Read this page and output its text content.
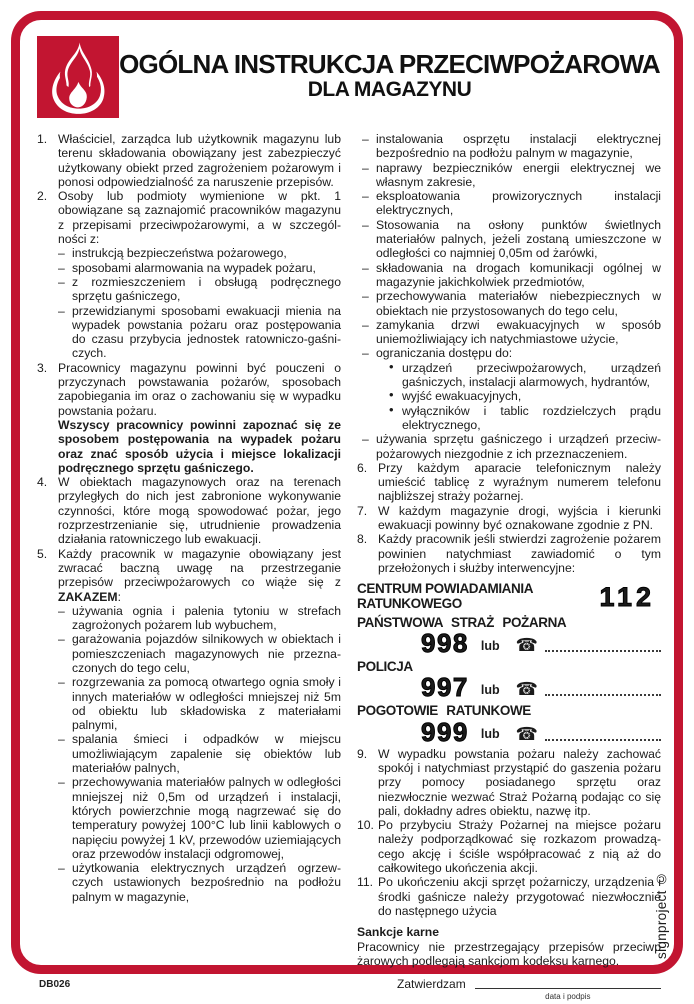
OGÓLNA INSTRUKCJA PRZECIWPOŻAROWA
DLA MAGAZYNU
1. Właściciel, zarządca lub użytkownik magazynu lub terenu składowania obowiązany jest zabezpieczyć użytkowany obiekt przed zagrożeniem pożarowym i ponosi odpowiedzialność za naruszenie przepisów.
2. Osoby lub podmioty wymienione w pkt. 1 obowiązane są zaznajomić pracowników magazynu z przepisami przeciwpożarowymi, a w szczególności z:
– instrukcją bezpieczeństwa pożarowego,
– sposobami alarmowania na wypadek pożaru,
– z rozmieszczeniem i obsługą podręcznego sprzętu gaśniczego,
– przewidzianymi sposobami ewakuacji mienia na wypadek powstania pożaru oraz postępowania do czasu przybycia jednostek ratowniczo-gaśniczych.
3. Pracownicy magazynu powinni być pouczeni o przyczynach powstawania pożarów, sposobach zapobiegania im oraz o zachowaniu się w wypadku powstania pożaru.
Wszyscy pracownicy powinni zapoznać się ze sposobem postępowania na wypadek pożaru oraz znać sposób użycia i miejsce lokalizacji podręcznego sprzętu gaśniczego.
4. W obiektach magazynowych oraz na terenach przyległych do nich jest zabronione wykonywanie czynności, które mogą spowodować pożar, jego rozprzestrzenianie się, utrudnienie prowadzenia działania ratowniczego lub ewakuacji.
5. Każdy pracownik w magazynie obowiązany jest zwracać baczną uwagę na przestrzeganie przepisów przeciwpożarowych co wiąże się z ZAKAZEM:
– używania ognia i palenia tytoniu w strefach zagrożonych pożarem lub wybuchem,
– garażowania pojazdów silnikowych w obiektach i pomieszczeniach magazynowych nie przeznaczonych do tego celu,
– rozgrzewania za pomocą otwartego ognia smoły i innych materiałów w odległości mniejszej niż 5m od obiektu lub składowiska z materiałami palnymi,
– spalania śmieci i odpadków w miejscu umożliwiającym zapalenie się obiektów lub materiałów palnych,
– przechowywania materiałów palnych w odległości mniejszej niż 0,5m od urządzeń i instalacji, których powierzchnie mogą nagrzewać się do temperatury powyżej 100°C lub linii kablowych o napięciu powyżej 1 kV, przewodów uziemiających oraz przewodów instalacji odgromowej,
– użytkowania elektrycznych urządzeń ogrzewczych ustawionych bezpośrednio na podłożu palnym w magazynie,
– instalowania osprzętu instalacji elektrycznej bezpośrednio na podłożu palnym w magazynie,
– naprawy bezpieczników energii elektrycznej we własnym zakresie,
– eksploatowania prowizorycznych instalacji elektrycznych,
– Stosowania na osłony punktów świetlnych materiałów palnych, jeżeli zostaną umieszczone w odległości co najmniej 0,05m od żarówki,
– składowania na drogach komunikacji ogólnej w magazynie jakichkolwiek przedmiotów,
– przechowywania materiałów niebezpiecznych w obiektach nie przystosowanych do tego celu,
– zamykania drzwi ewakuacyjnych w sposób uniemożliwiający ich natychmiastowe użycie,
– ograniczania dostępu do:
• urządzeń przeciwpożarowych, urządzeń gaśniczych, instalacji alarmowych, hydrantów,
• wyjść ewakuacyjnych,
• wyłączników i tablic rozdzielczych prądu elektrycznego,
– używania sprzętu gaśniczego i urządzeń przeciwpożarowych niezgodnie z ich przeznaczeniem.
6. Przy każdym aparacie telefonicznym należy umieścić tablicę z wyraźnym numerem telefonu najbliższej straży pożarnej.
7. W każdym magazynie drogi, wyjścia i kierunki ewakuacji powinny być oznakowane zgodnie z PN.
8. Każdy pracownik jeśli stwierdzi zagrożenie pożarem powinien natychmiast zawiadomić o tym przełożonych i służby interwencyjne:
CENTRUM POWIADAMIANIA RATUNKOWEGO	112
PAŃSTWOWA STRAŻ POŻARNA
998 lub ☎
POLICJA
997 lub ☎
POGOTOWIE RATUNKOWE
999 lub ☎
9. W wypadku powstania pożaru należy zachować spokój i natychmiast przystąpić do gaszenia pożaru przy pomocy posiadanego sprzętu oraz niezwłocznie wezwać Straż Pożarną podając co się pali, dokładny adres obiektu, nazwę itp.
10. Po przybyciu Straży Pożarnej na miejsce pożaru należy podporządkować się rozkazom prowadzącego akcję i ściśle współpracować z nią aż do całkowitego ukończenia akcji.
11. Po ukończeniu akcji sprzęt pożarniczy, urządzenia i środki gaśnicze należy przygotować niezwłocznie do następnego użycia
Sankcje karne
Pracownicy nie przestrzegający przepisów przeciwp żarowych podlegają sankcjom kodeksu karnego.
Zatwierdzam
data i podpis
DB026
signproject ©
